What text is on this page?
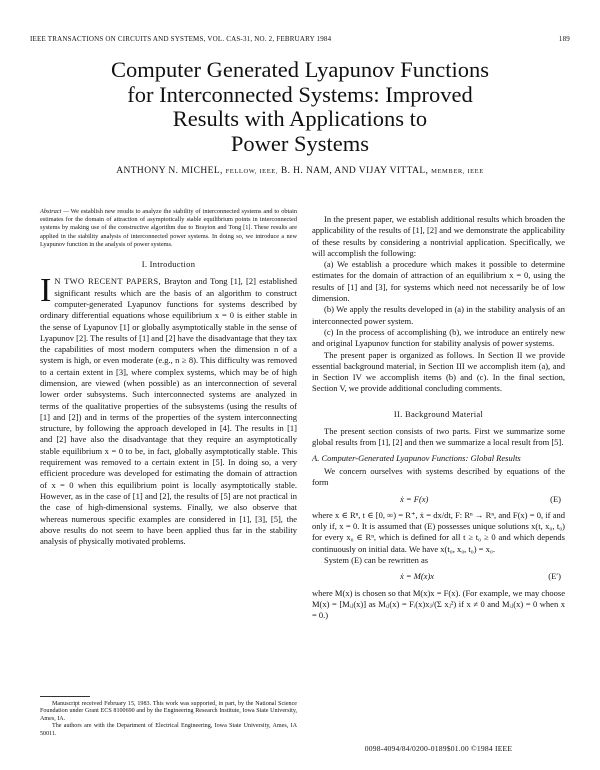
IEEE TRANSACTIONS ON CIRCUITS AND SYSTEMS, VOL. CAS-31, NO. 2, FEBRUARY 1984	189
Computer Generated Lyapunov Functions
for Interconnected Systems: Improved
Results with Applications to
Power Systems
ANTHONY N. MICHEL, FELLOW, IEEE, B. H. NAM, AND VIJAY VITTAL, MEMBER, IEEE

Abstract — We establish new results to analyze the stability of interconnected systems and to obtain estimates for the domain of attraction of asymptotically stable equilibrium points in interconnected systems by making use of the constructive algorithm due to Brayton and Tong [1]. These results are applied in the stability analysis of interconnected power systems. In doing so, we introduce a new Lyapunov function in the analysis of power systems.

I. Introduction

I N TWO RECENT PAPERS, Brayton and Tong [1], [2] established significant results which are the basis of an algorithm to construct computer-generated Lyapunov functions for systems described by ordinary differential equations whose equilibrium x = 0 is either stable in the sense of Lyapunov [1] or globally asymptotically stable in the sense of Lyapunov [2]. The results of [1] and [2] have the disadvantage that they tax the capabilities of most modern computers when the dimension n of a system is high, or even moderate (e.g., n ≥ 8). This difficulty was removed to a certain extent in [3], where complex systems, which may be of high dimension, are viewed (when possible) as an interconnection of several lower order subsystems. Such interconnected systems are analyzed in terms of the qualitative properties of the subsystems (using the results of [1] and [2]) and in terms of the properties of the system interconnecting structure, by following the approach developed in [4]. The results in [1] and [2] have also the disadvantage that they require an asymptotically stable equilibrium x = 0 to be, in fact, globally asymptotically stable. This requirement was removed to a certain extent in [5]. In doing so, a very efficient procedure was developed for estimating the domain of attraction of x = 0 when this equilibrium point is locally asymptotically stable. However, as in the case of [1] and [2], the results of [5] are not practical in the case of high-dimensional systems. Finally, we also observe that whereas numerous specific examples are considered in [1], [3], [5], the above results do not seem to have been applied thus far in the stability analysis of physically motivated problems.

In the present paper, we establish additional results which broaden the applicability of the results of [1], [2] and we demonstrate the applicability of these results by considering a nontrivial application. Specifically, we will accomplish the following:

(a) We establish a procedure which makes it possible to determine estimates for the domain of attraction of an equilibrium x = 0, using the results of [1] and [3], for systems which need not necessarily be of low dimension.

(b) We apply the results developed in (a) in the stability analysis of an interconnected power system.

(c) In the process of accomplishing (b), we introduce an entirely new and original Lyapunov function for stability analysis of power systems.

The present paper is organized as follows. In Section II we provide essential background material, in Section III we accomplish item (a), and in Section IV we accomplish items (b) and (c). In the final section, Section V, we provide additional concluding comments.

II. Background Material

The present section consists of two parts. First we summarize some global results from [1], [2] and then we summarize a local result from [5].

A. Computer-Generated Lyapunov Functions: Global Results

We concern ourselves with systems described by equations of the form

ẋ = F(x)	(E)

where x ∈ Rⁿ, t ∈ [0, ∞) = R⁺, ẋ = dx/dt, F: Rⁿ → Rⁿ, and F(x) = 0, if and only if, x = 0. It is assumed that (E) possesses unique solutions x(t, x₀, t₀) for every x₀ ∈ Rⁿ, which is defined for all t ≥ t₀ ≥ 0 and which depends continuously on initial data. We have x(t₀, x₀, t₀) = x₀.

System (E) can be rewritten as

ẋ = M(x)x	(E′)

where M(x) is chosen so that M(x)x = F(x). (For example, we may choose M(x) = [Mᵢⱼ(x)] as Mᵢⱼ(x) = Fᵢ(x)xⱼ/(Σ xⱼ²) if x ≠ 0 and Mᵢⱼ(x) = 0 when x = 0.)

Manuscript received February 15, 1983. This work was supported, in part, by the National Science Foundation under Grant ECS 8100690 and by the Engineering Research Institute, Iowa State University, Ames, IA.

The authors are with the Department of Electrical Engineering, Iowa State University, Ames, IA 50011.

0098-4094/84/0200-0189$01.00 ©1984 IEEE
